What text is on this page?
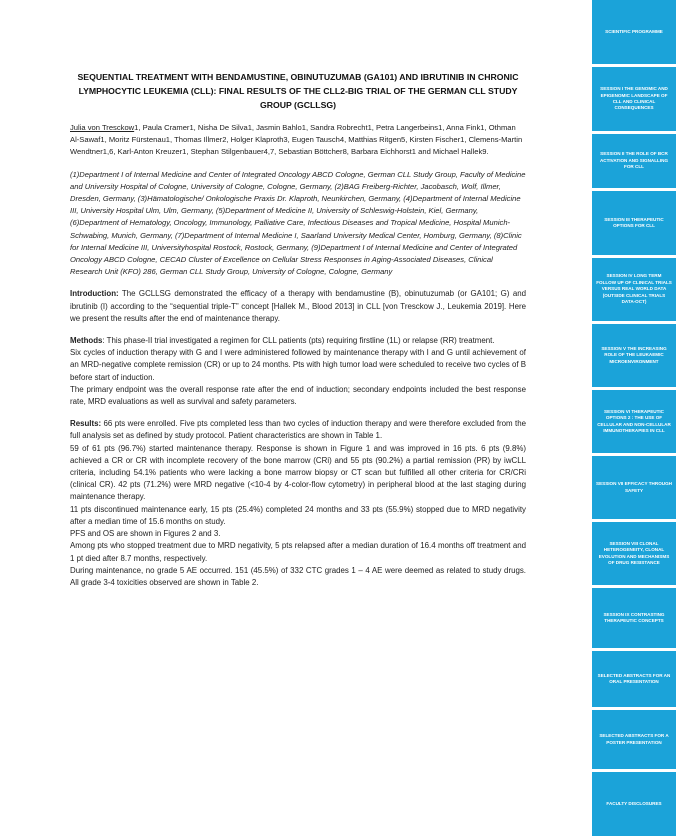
SEQUENTIAL TREATMENT WITH BENDAMUSTINE, OBINUTUZUMAB (GA101) AND IBRUTINIB IN CHRONIC LYMPHOCYTIC LEUKEMIA (CLL): FINAL RESULTS OF THE CLL2-BIG TRIAL OF THE GERMAN CLL STUDY GROUP (GCLLSG)
Julia von Tresckow1, Paula Cramer1, Nisha De Silva1, Jasmin Bahlo1, Sandra Robrecht1, Petra Langerbeins1, Anna Fink1, Othman Al-Sawaf1, Moritz Fürstenau1, Thomas Illmer2, Holger Klaproth3, Eugen Tausch4, Matthias Ritgen5, Kirsten Fischer1, Clemens-Martin Wendtner1,6, Karl-Anton Kreuzer1, Stephan Stilgenbauer4,7, Sebastian Böttcher8, Barbara Eichhorst1 and Michael Hallek9.
(1)Department I of Internal Medicine and Center of Integrated Oncology ABCD Cologne, German CLL Study Group, Faculty of Medicine and University Hospital of Cologne, University of Cologne, Cologne, Germany, (2)BAG Freiberg-Richter, Jacobasch, Wolf, Illmer, Dresden, Germany, (3)Hämatologische/ Onkologische Praxis Dr. Klaproth, Neunkirchen, Germany, (4)Department of Internal Medicine III, University Hospital Ulm, Ulm, Germany, (5)Department of Medicine II, University of Schleswig-Holstein, Kiel, Germany, (6)Department of Hematology, Oncology, Immunology, Palliative Care, Infectious Diseases and Tropical Medicine, Hospital Munich-Schwabing, Munich, Germany, (7)Department of Internal Medicine I, Saarland University Medical Center, Homburg, Germany, (8)Clinic for Internal Medicine III, Universityhospital Rostock, Rostock, Germany, (9)Department I of Internal Medicine and Center of Integrated Oncology ABCD Cologne, CECAD Cluster of Excellence on Cellular Stress Responses in Aging-Associated Diseases, Clinical Research Unit (KFO) 286, German CLL Study Group, University of Cologne, Cologne, Germany

Introduction: The GCLLSG demonstrated the efficacy of a therapy with bendamustine (B), obinutuzumab (or GA101; G) and ibrutinib (I) according to the “sequential triple-T” concept [Hallek M., Blood 2013] in CLL [von Tresckow J., Leukemia 2019]. Here we present the results after the end of maintenance therapy.

Methods: This phase-II trial investigated a regimen for CLL patients (pts) requiring firstline (1L) or relapse (RR) treatment.

Six cycles of induction therapy with G and I were administered followed by maintenance therapy with I and G until achievement of an MRD-negative complete remission (CR) or up to 24 months. Pts with high tumor load were scheduled to receive two cycles of B before start of induction.

The primary endpoint was the overall response rate after the end of induction; secondary endpoints included the best response rate, MRD evaluations as well as survival and safety parameters.

Results: 66 pts were enrolled. Five pts completed less than two cycles of induction therapy and were therefore excluded from the full analysis set as defined by study protocol. Patient characteristics are shown in Table 1.

59 of 61 pts (96.7%) started maintenance therapy. Response is shown in Figure 1 and was improved in 16 pts. 6 pts (9.8%) achieved a CR or CR with incomplete recovery of the bone marrow (CRi) and 55 pts (90.2%) a partial remission (PR) by iwCLL criteria, including 54.1% patients who were lacking a bone marrow biopsy or CT scan but fulfilled all other criteria for CR/CRi (clinical CR). 42 pts (71.2%) were MRD negative (<10-4 by 4-color-flow cytometry) in peripheral blood at the last staging during maintenance therapy.

11 pts discontinued maintenance early, 15 pts (25.4%) completed 24 months and 33 pts (55.9%) stopped due to MRD negativity after a median time of 15.6 months on study.

PFS and OS are shown in Figures 2 and 3.

Among pts who stopped treatment due to MRD negativity, 5 pts relapsed after a median duration of 16.4 months off treatment and 1 pt died after 8.7 months, respectively.

During maintenance, no grade 5 AE occurred. 151 (45.5%) of 332 CTC grades 1 – 4 AE were deemed as related to study drugs. All grade 3-4 toxicities observed are shown in Table 2.

SCIENTIFIC PROGRAMME
SESSION I THE GENOMIC AND EPIGENOMIC LANDSCAPE OF CLL AND CLINICAL CONSEQUENCES
SESSION II THE ROLE OF BCR ACTIVATION AND SIGNALLING FOR CLL
SESSION III THERAPEUTIC OPTIONS FOR CLL
SESSION IV LONG TERM FOLLOW UP OF CLINICAL TRIALS VERSUS REAL WORLD DATA (OUTSIDE CLINICAL TRIALS DATA-OCT)
SESSION V THE INCREASING ROLE OF THE LEUKAEMIC MICROENVIRONMENT
SESSION VI THERAPEUTIC OPTIONS 2 : THE USE OF CELLULAR AND NON-CELLULAR IMMUNOTHERAPIES IN CLL
SESSION VII EFFICACY THROUGH SAFETY
SESSION VIII CLONAL HETEROGENEITY, CLONAL EVOLUTION AND MECHANISMS OF DRUG RESISTANCE
SESSION IX CONTRASTING THERAPEUTIC CONCEPTS
SELECTED ABSTRACTS FOR AN ORAL PRESENTATION
SELECTED ABSTRACTS FOR A POSTER PRESENTATION
FACULTY DISCLOSURES
